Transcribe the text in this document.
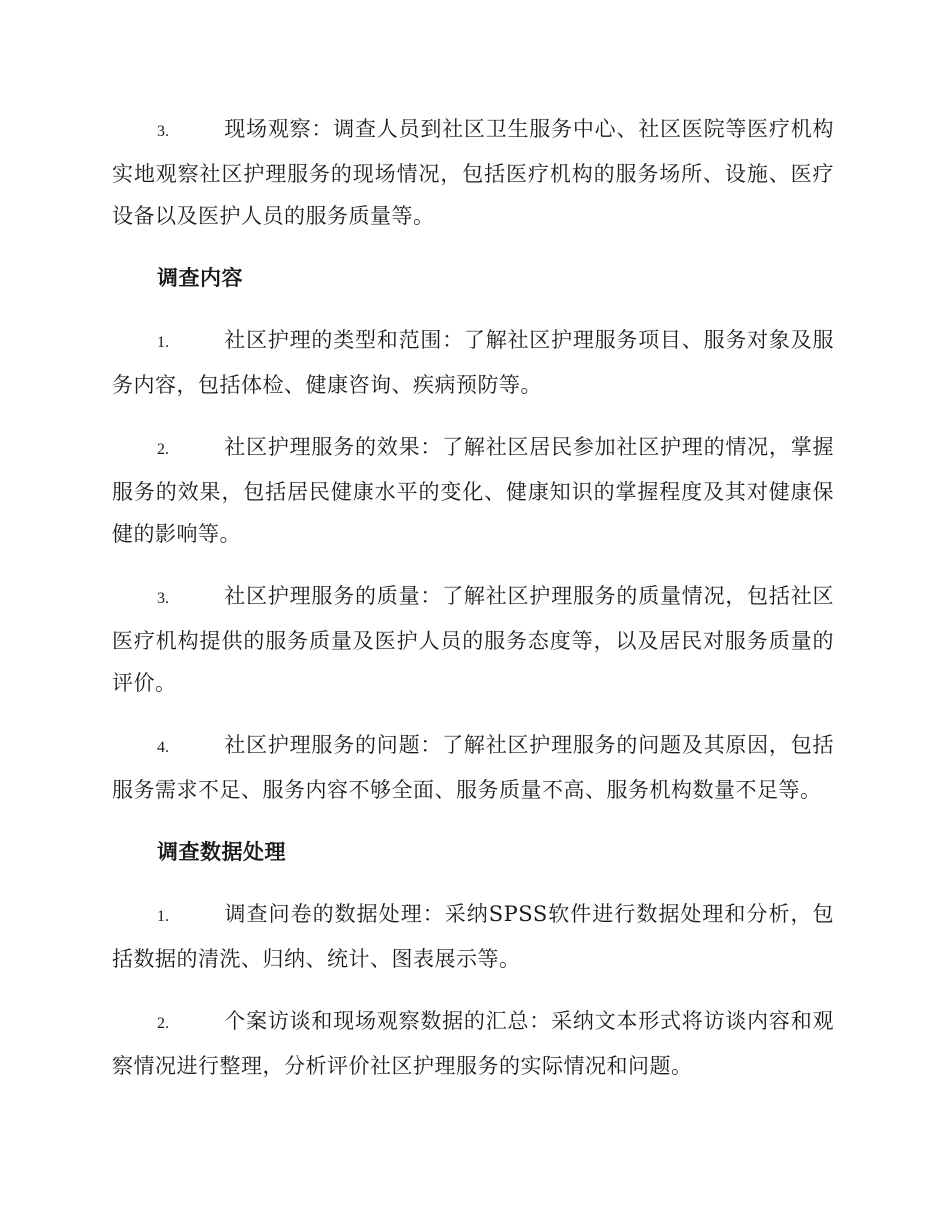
3.	现场观察：调查人员到社区卫生服务中心、社区医院等医疗机构实地观察社区护理服务的现场情况，包括医疗机构的服务场所、设施、医疗设备以及医护人员的服务质量等。

调查内容

1.	社区护理的类型和范围：了解社区护理服务项目、服务对象及服务内容，包括体检、健康咨询、疾病预防等。

2.	社区护理服务的效果：了解社区居民参加社区护理的情况，掌握服务的效果，包括居民健康水平的变化、健康知识的掌握程度及其对健康保健的影响等。

3.	社区护理服务的质量：了解社区护理服务的质量情况，包括社区医疗机构提供的服务质量及医护人员的服务态度等，以及居民对服务质量的评价。

4.	社区护理服务的问题：了解社区护理服务的问题及其原因，包括服务需求不足、服务内容不够全面、服务质量不高、服务机构数量不足等。

调查数据处理

1.	调查问卷的数据处理：采纳SPSS软件进行数据处理和分析，包括数据的清洗、归纳、统计、图表展示等。

2.	个案访谈和现场观察数据的汇总：采纳文本形式将访谈内容和观察情况进行整理，分析评价社区护理服务的实际情况和问题。
